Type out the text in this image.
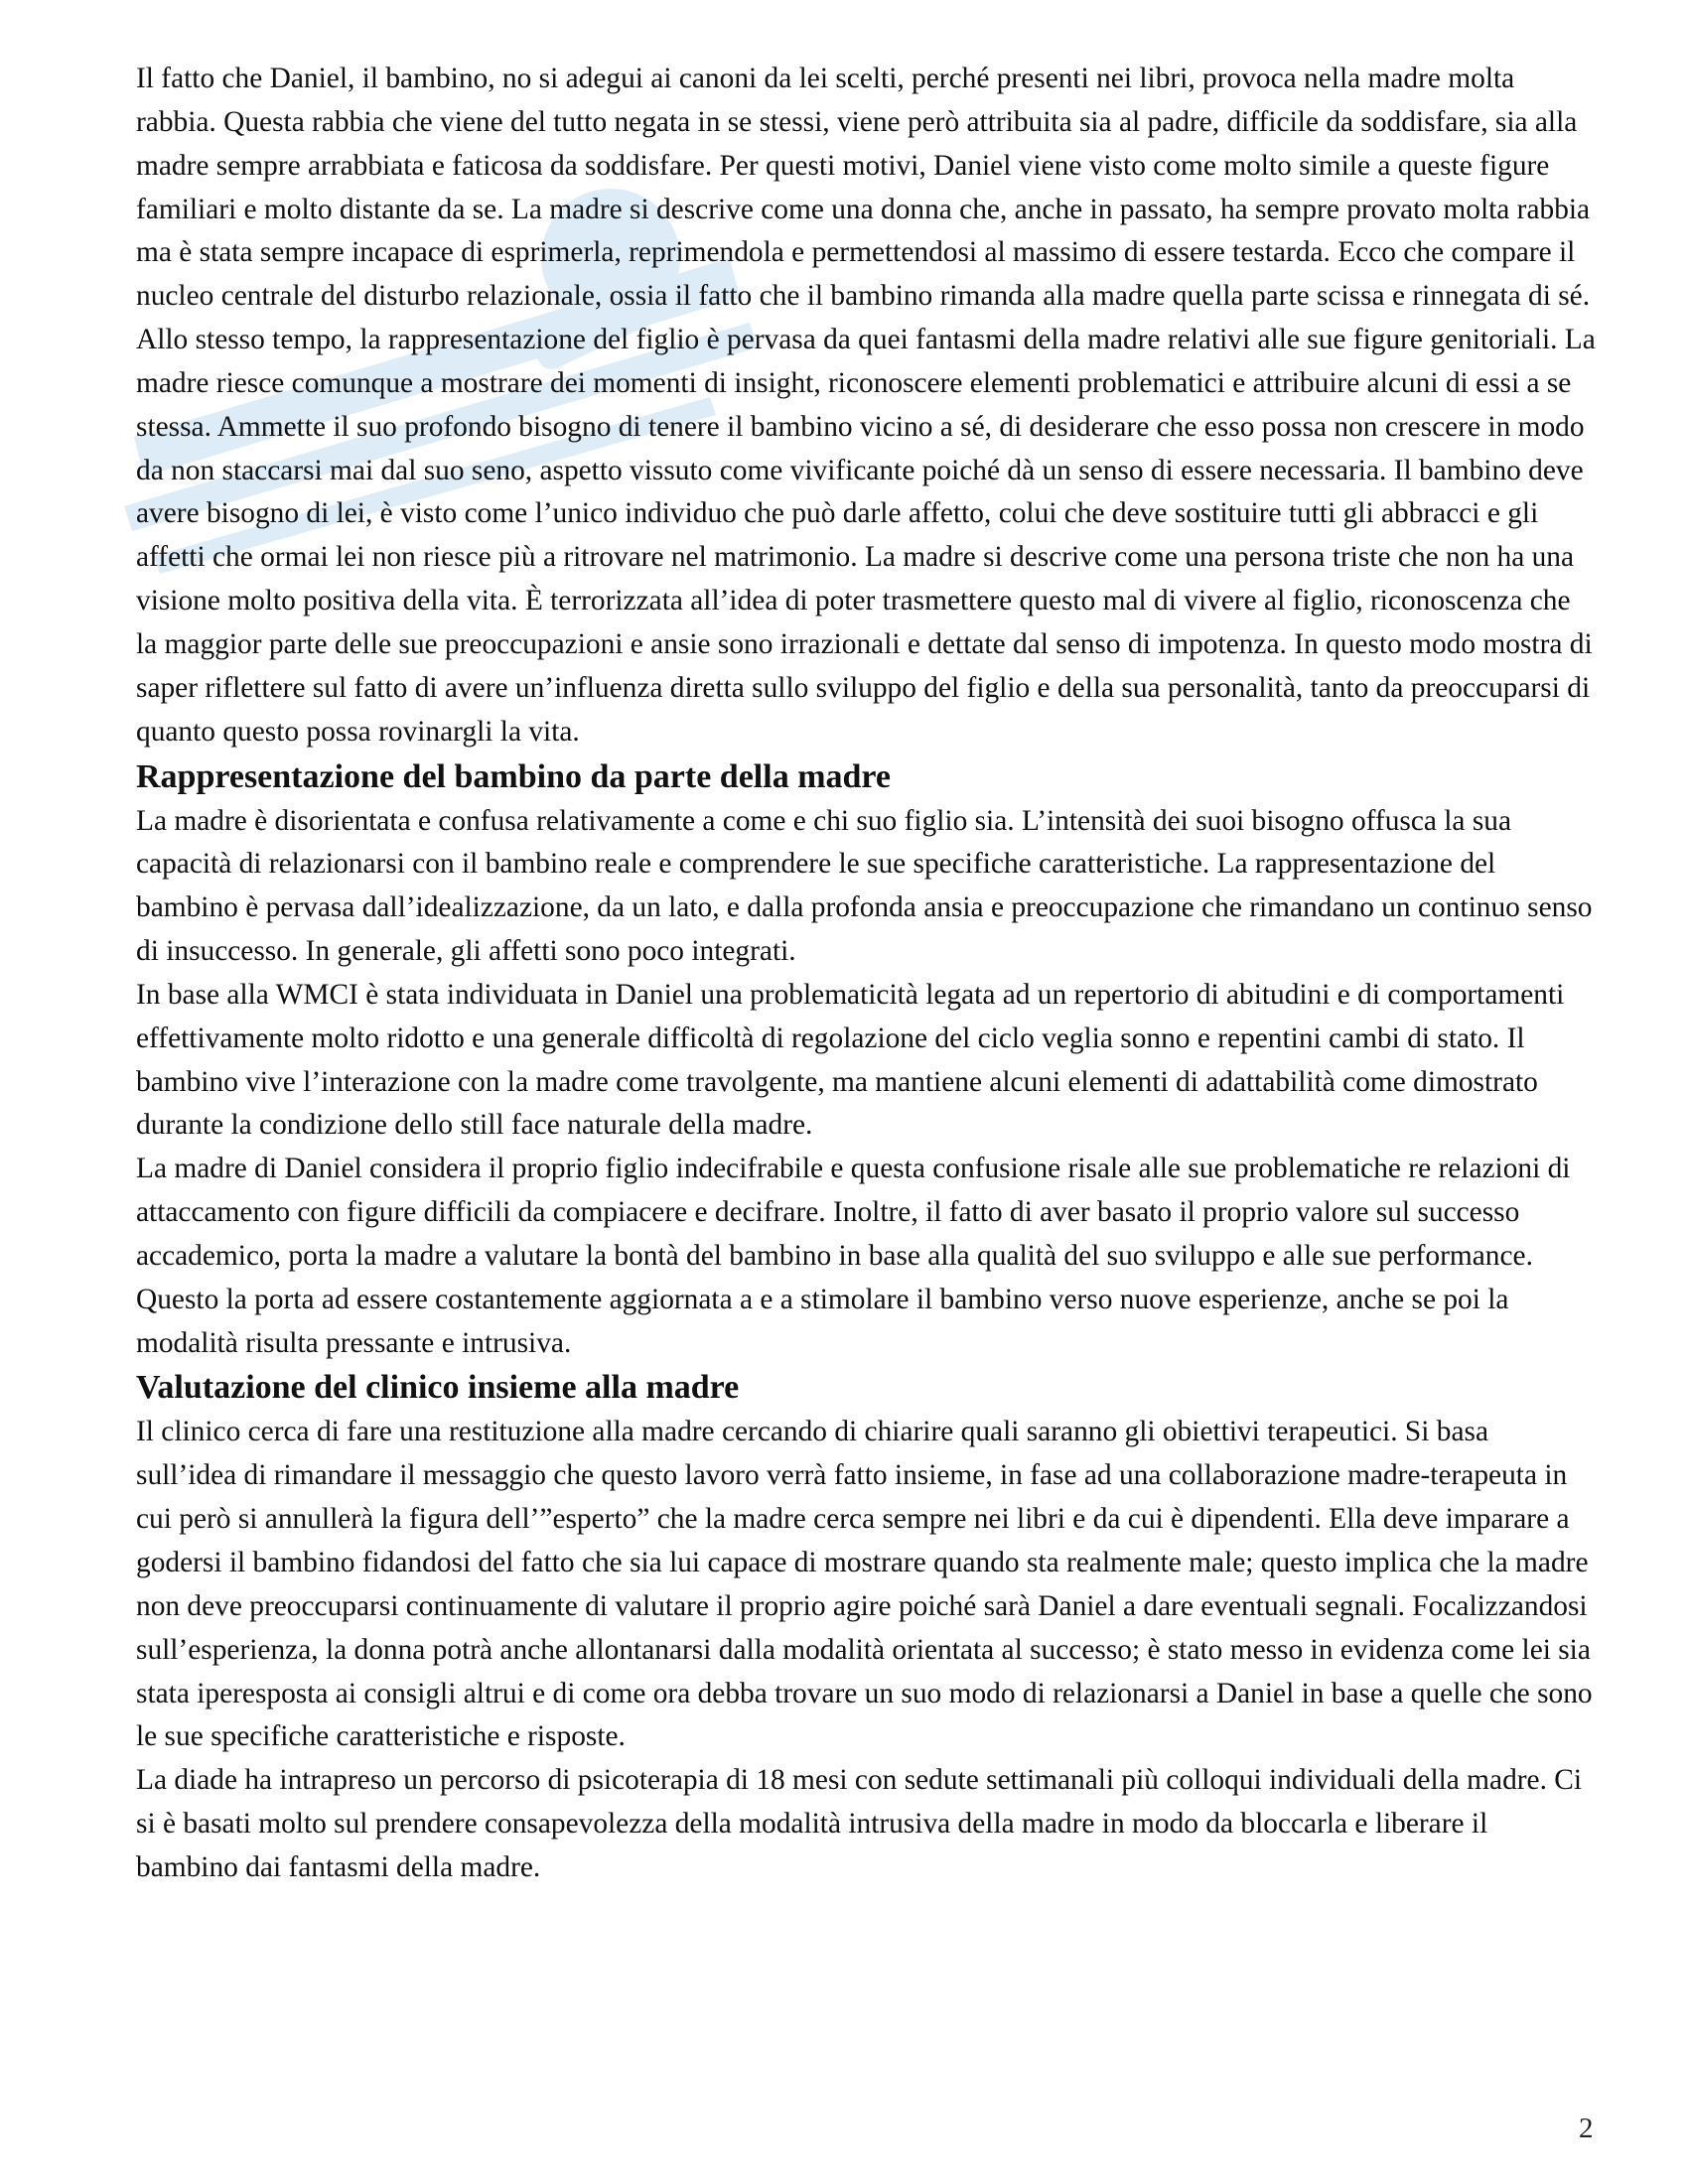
Il fatto che Daniel, il bambino, no si adegui ai canoni da lei scelti, perché presenti nei libri, provoca nella madre molta rabbia. Questa rabbia che viene del tutto negata in se stessi, viene però attribuita sia al padre, difficile da soddisfare, sia alla madre sempre arrabbiata e faticosa da soddisfare. Per questi motivi, Daniel viene visto come molto simile a queste figure familiari e molto distante da se. La madre si descrive come una donna che, anche in passato, ha sempre provato molta rabbia ma è stata sempre incapace di esprimerla, reprimendola e permettendosi al massimo di essere testarda. Ecco che compare il nucleo centrale del disturbo relazionale, ossia il fatto che il bambino rimanda alla madre quella parte scissa e rinnegata di sé. Allo stesso tempo, la rappresentazione del figlio è pervasa da quei fantasmi della madre relativi alle sue figure genitoriali. La madre riesce comunque a mostrare dei momenti di insight, riconoscere elementi problematici e attribuire alcuni di essi a se stessa. Ammette il suo profondo bisogno di tenere il bambino vicino a sé, di desiderare che esso possa non crescere in modo da non staccarsi mai dal suo seno, aspetto vissuto come vivificante poiché dà un senso di essere necessaria. Il bambino deve avere bisogno di lei, è visto come l’unico individuo che può darle affetto, colui che deve sostituire tutti gli abbracci e gli affetti che ormai lei non riesce più a ritrovare nel matrimonio. La madre si descrive come una persona triste che non ha una visione molto positiva della vita. È terrorizzata all’idea di poter trasmettere questo mal di vivere al figlio, riconoscenza che la maggior parte delle sue preoccupazioni e ansie sono irrazionali e dettate dal senso di impotenza. In questo modo mostra di saper riflettere sul fatto di avere un’influenza diretta sullo sviluppo del figlio e della sua personalità, tanto da preoccuparsi di quanto questo possa rovinargli la vita.

Rappresentazione del bambino da parte della madre

La madre è disorientata e confusa relativamente a come e chi suo figlio sia. L’intensità dei suoi bisogno offusca la sua capacità di relazionarsi con il bambino reale e comprendere le sue specifiche caratteristiche. La rappresentazione del bambino è pervasa dall’idealizzazione, da un lato, e dalla profonda ansia e preoccupazione che rimandano un continuo senso di insuccesso. In generale, gli affetti sono poco integrati.

In base alla WMCI è stata individuata in Daniel una problematicità legata ad un repertorio di abitudini e di comportamenti effettivamente molto ridotto e una generale difficoltà di regolazione del ciclo veglia sonno e repentini cambi di stato. Il bambino vive l’interazione con la madre come travolgente, ma mantiene alcuni elementi di adattabilità come dimostrato durante la condizione dello still face naturale della madre.

La madre di Daniel considera il proprio figlio indecifrabile e questa confusione risale alle sue problematiche re relazioni di attaccamento con figure difficili da compiacere e decifrare. Inoltre, il fatto di aver basato il proprio valore sul successo accademico, porta la madre a valutare la bontà del bambino in base alla qualità del suo sviluppo e alle sue performance. Questo la porta ad essere costantemente aggiornata a e a stimolare il bambino verso nuove esperienze, anche se poi la modalità risulta pressante e intrusiva.

Valutazione del clinico insieme alla madre

Il clinico cerca di fare una restituzione alla madre cercando di chiarire quali saranno gli obiettivi terapeutici. Si basa sull’idea di rimandare il messaggio che questo lavoro verrà fatto insieme, in fase ad una collaborazione madre-terapeuta in cui però si annullerà la figura dell’”esperto” che la madre cerca sempre nei libri e da cui è dipendenti. Ella deve imparare a godersi il bambino fidandosi del fatto che sia lui capace di mostrare quando sta realmente male; questo implica che la madre non deve preoccuparsi continuamente di valutare il proprio agire poiché sarà Daniel a dare eventuali segnali. Focalizzandosi sull’esperienza, la donna potrà anche allontanarsi dalla modalità orientata al successo; è stato messo in evidenza come lei sia stata iperesposta ai consigli altrui e di come ora debba trovare un suo modo di relazionarsi a Daniel in base a quelle che sono le sue specifiche caratteristiche e risposte.

La diade ha intrapreso un percorso di psicoterapia di 18 mesi con sedute settimanali più colloqui individuali della madre. Ci si è basati molto sul prendere consapevolezza della modalità intrusiva della madre in modo da bloccarla e liberare il bambino dai fantasmi della madre.

2
